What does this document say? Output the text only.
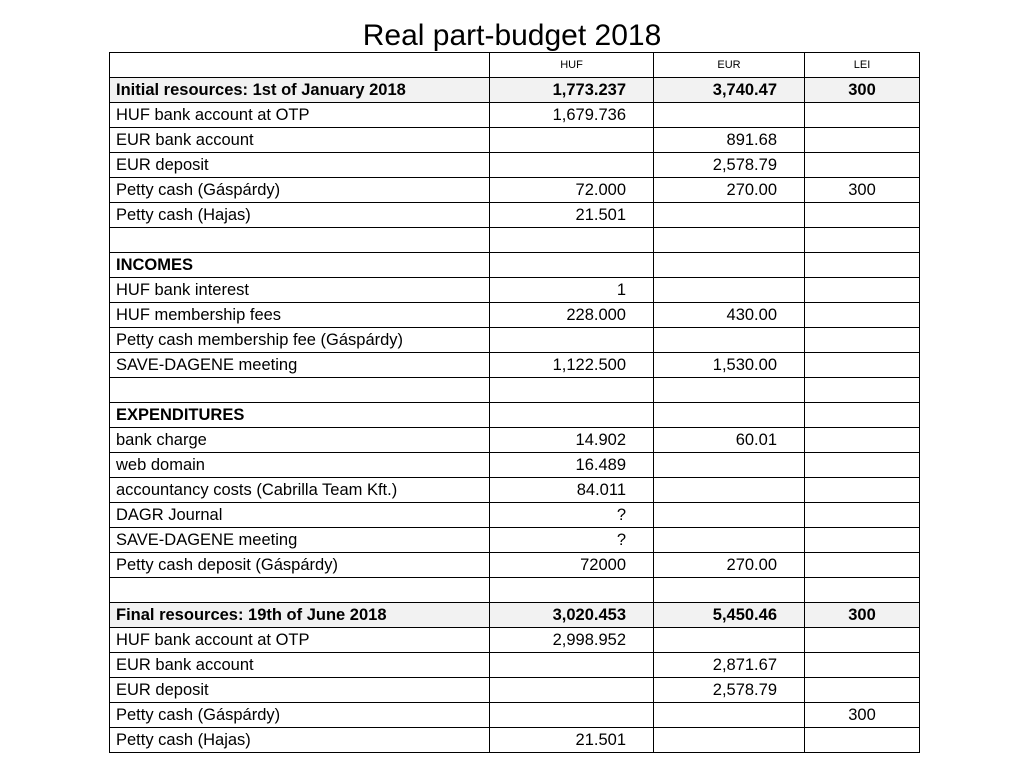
Real part-budget 2018
	HUF	EUR	LEI
Initial resources: 1st of January 2018	1,773.237	3,740.47	300
HUF bank account at OTP	1,679.736		
EUR bank account		891.68	
EUR deposit		2,578.79	
Petty cash (Gáspárdy)	72.000	270.00	300
Petty cash (Hajas)	21.501		

INCOMES			
HUF bank interest	1		
HUF membership fees	228.000	430.00	
Petty cash membership fee (Gáspárdy)			
SAVE-DAGENE meeting	1,122.500	1,530.00	

EXPENDITURES			
bank charge	14.902	60.01	
web domain	16.489		
accountancy costs (Cabrilla Team Kft.)	84.011		
DAGR Journal	?		
SAVE-DAGENE meeting	?		
Petty cash deposit (Gáspárdy)	72000	270.00	

Final resources: 19th of June 2018	3,020.453	5,450.46	300
HUF bank account at OTP	2,998.952		
EUR bank account		2,871.67	
EUR deposit		2,578.79	
Petty cash (Gáspárdy)			300
Petty cash (Hajas)	21.501		
